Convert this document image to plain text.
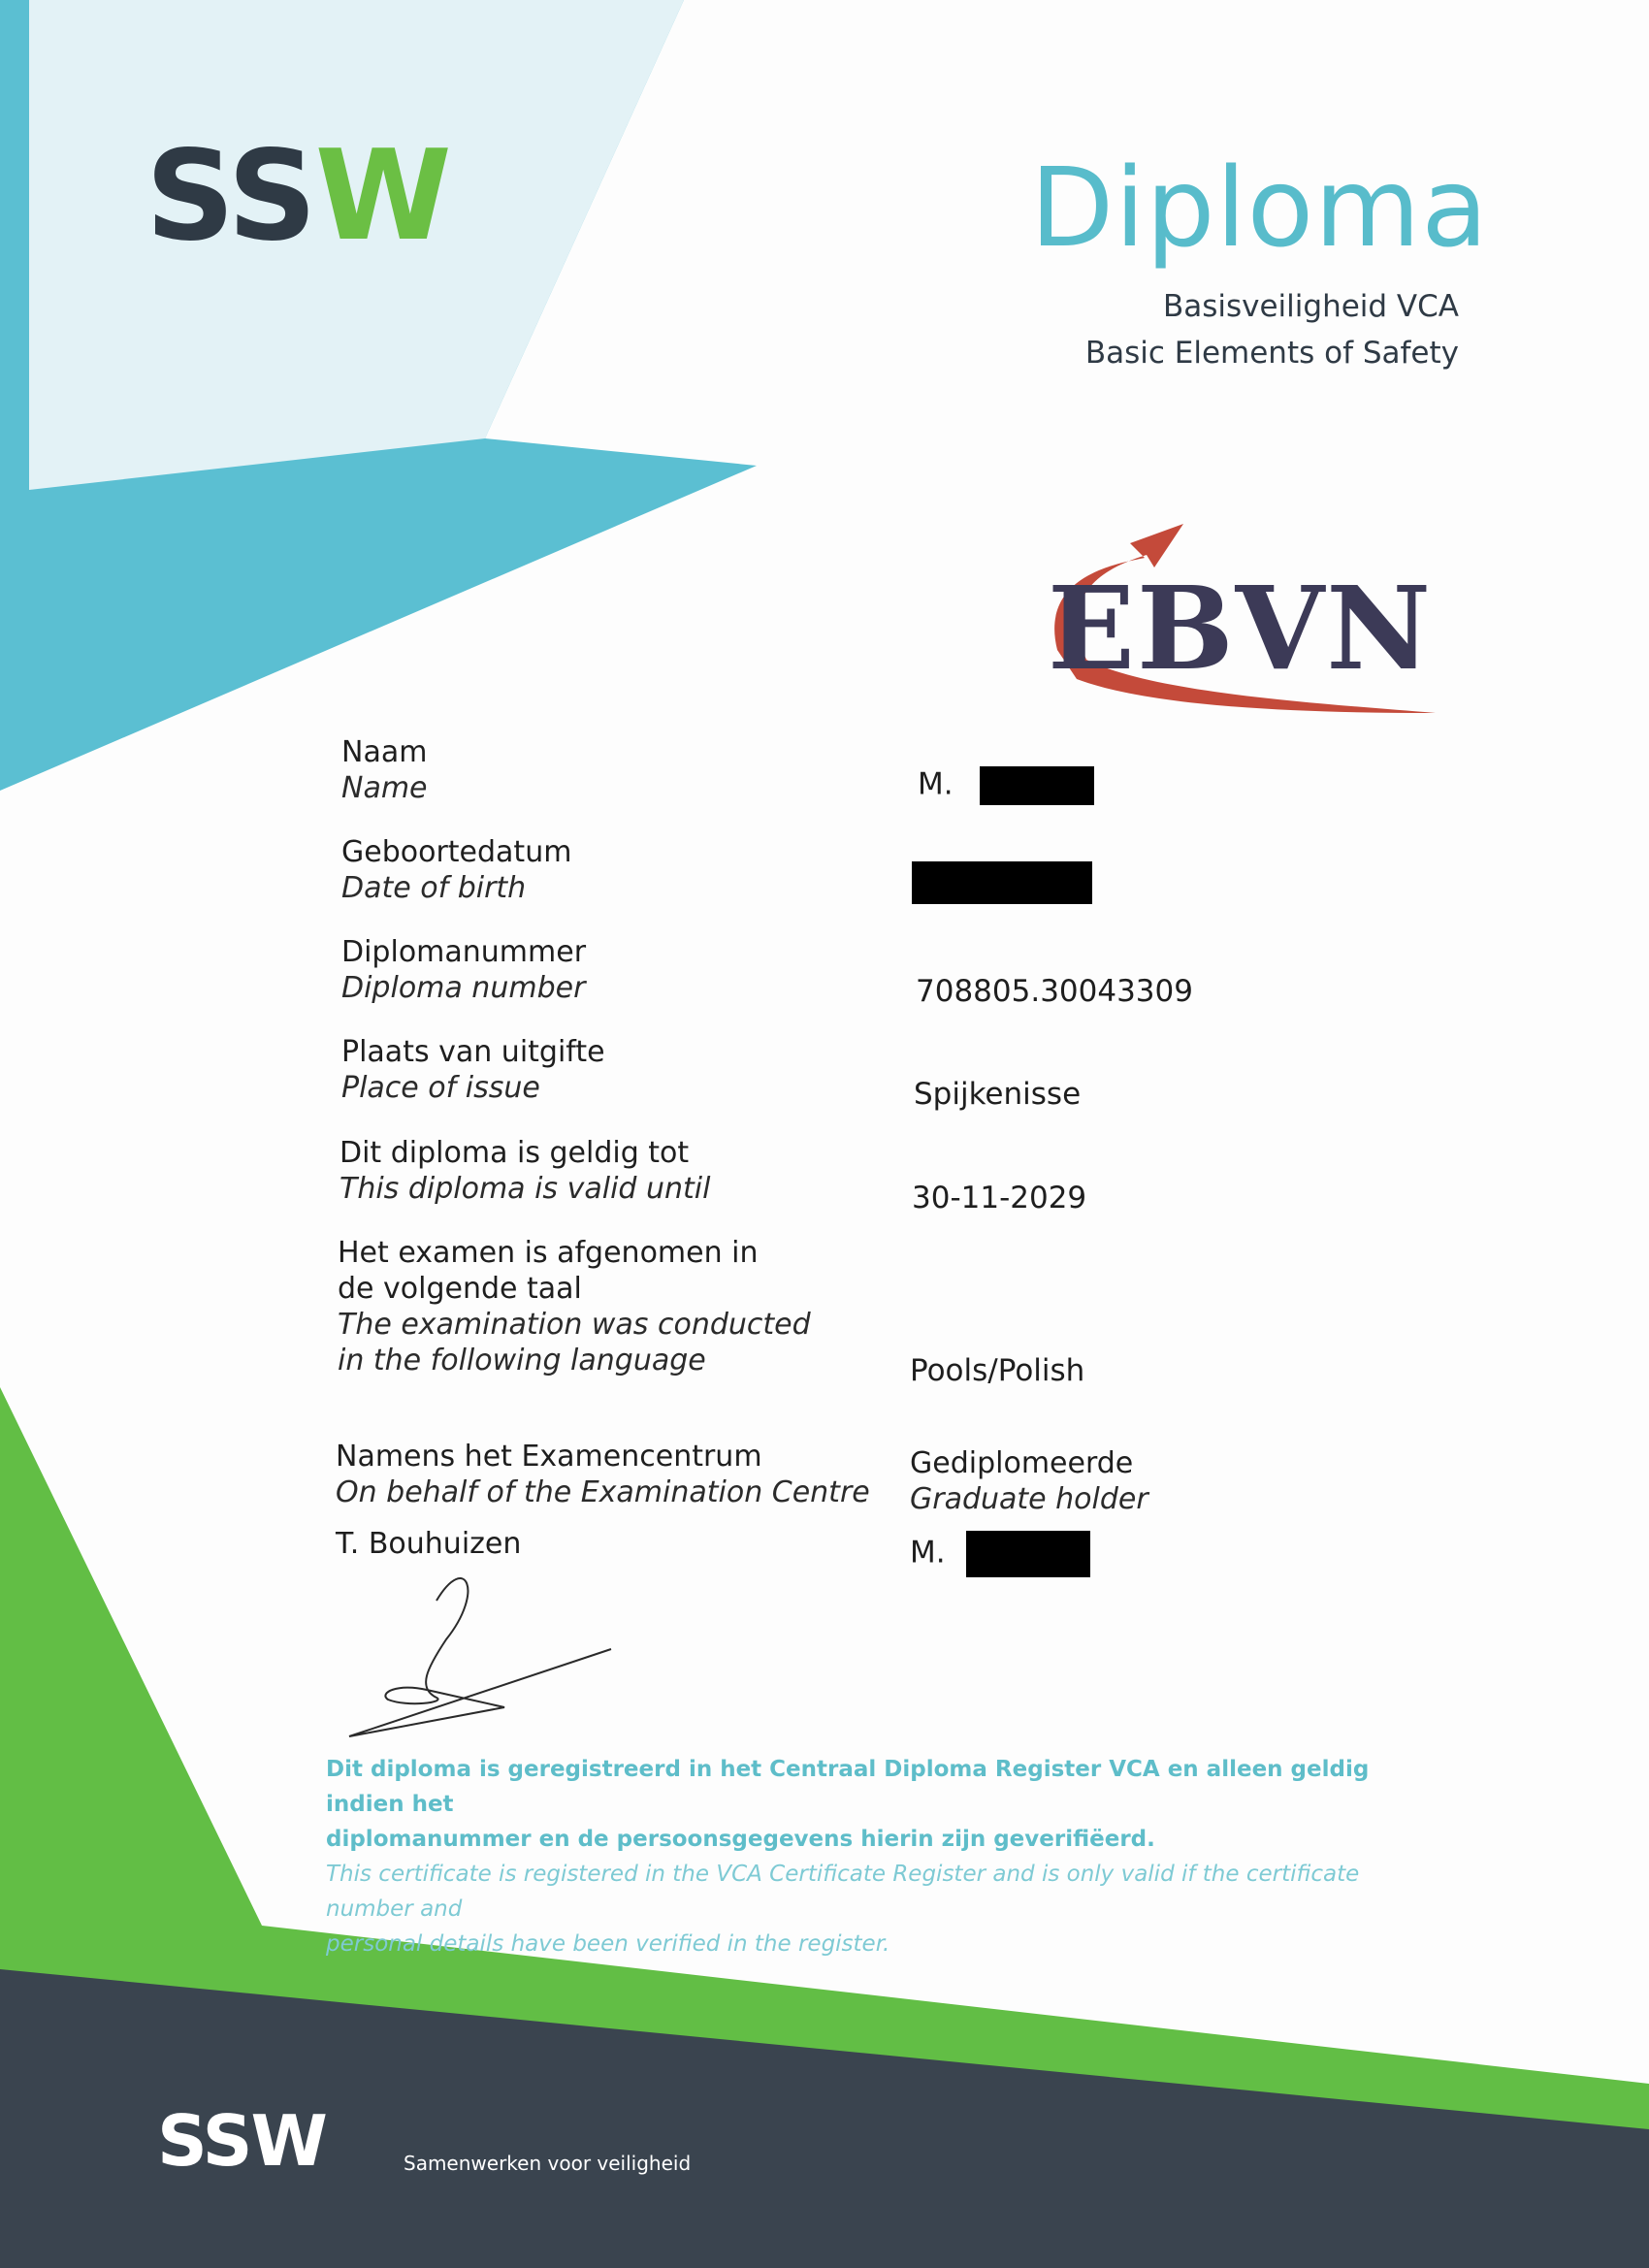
SSW	Diploma
Basisveiligheid VCA
Basic Elements of Safety
EBVN
Naam
Name
Geboortedatum
Date of birth
Diplomanummer
Diploma number
Plaats van uitgifte
Place of issue
Dit diploma is geldig tot
This diploma is valid until
Het examen is afgenomen in
de volgende taal
The examination was conducted
in the following language
M.
708805.30043309
Spijkenisse
30-11-2029
Pools/Polish
Namens het Examencentrum
On behalf of the Examination Centre
T. Bouhuizen
Gediplomeerde
Graduate holder
M.
Dit diploma is geregistreerd in het Centraal Diploma Register VCA en alleen geldig indien het
diplomanummer en de persoonsgegevens hierin zijn geverifiëerd.
This certificate is registered in the VCA Certificate Register and is only valid if the certificate number and
personal details have been verified in the register.
SSW	Samenwerken voor veiligheid
